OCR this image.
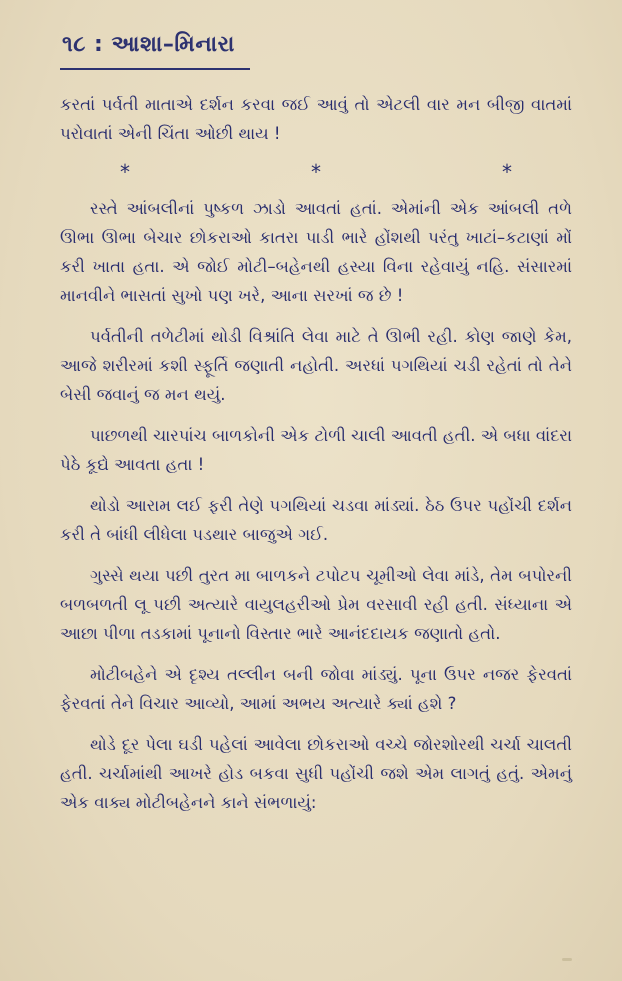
૧૮ : આશા–મિનારા

કરતાં પર્વતી માતાએ દર્શન કરવા જઈ આવું તો એટલી વાર મન બીજી વાતમાં પરોવાતાં એની ચિંતા ઓછી થાય !

*	*	*

રસ્તે આંબલીનાં પુષ્કળ ઝાડો આવતાં હતાં. એમાંની એક આંબલી તળે ઊભા ઊભા બેચાર છોકરાઓ કાતરા પાડી ભારે હોંશથી પરંતુ ખાટાં–કટાણાં મોં કરી ખાતા હતા. એ જોઈ મોટી–બહેનથી હસ્યા વિના રહેવાયું નહિ. સંસારમાં માનવીને ભાસતાં સુખો પણ ખરે, આના સરખાં જ છે !

પર્વતીની તળેટીમાં થોડી વિશ્રાંતિ લેવા માટે તે ઊભી રહી. કોણ જાણે કેમ, આજે શરીરમાં કશી સ્ફૂર્તિ જણાતી નહોતી. અરધાં પગથિયાં ચડી રહેતાં તો તેને બેસી જવાનું જ મન થયું.

પાછળથી ચારપાંચ બાળકોની એક ટોળી ચાલી આવતી હતી. એ બધા વાંદરા પેઠે કૂદ્યે આવતા હતા !

થોડો આરામ લઈ ફરી તેણે પગથિયાં ચડવા માંડ્યાં. ઠેઠ ઉપર પહોંચી દર્શન કરી તે બાંધી લીધેલા પડથાર બાજુએ ગઈ.

ગુસ્સે થયા પછી તુરત મા બાળકને ટપોટપ ચૂમીઓ લેવા માંડે, તેમ બપોરની બળબળતી લૂ પછી અત્યારે વાયુલહરીઓ પ્રેમ વરસાવી રહી હતી. સંધ્યાના એ આછા પીળા તડકામાં પૂનાનો વિસ્તાર ભારે આનંદદાયક જણાતો હતો.

મોટીબહેને એ દૃશ્ય તલ્લીન બની જોવા માંડ્યું. પૂના ઉપર નજર ફેરવતાં ફેરવતાં તેને વિચાર આવ્યો, આમાં અભય અત્યારે ક્યાં હશે ?

થોડે દૂર પેલા ઘડી પહેલાં આવેલા છોકરાઓ વચ્ચે જોરશોરથી ચર્ચા ચાલતી હતી. ચર્ચામાંથી આખરે હોડ બકવા સુધી પહોંચી જશે એમ લાગતું હતું. એમનું એક વાક્ય મોટીબહેનને કાને સંભળાયું:
